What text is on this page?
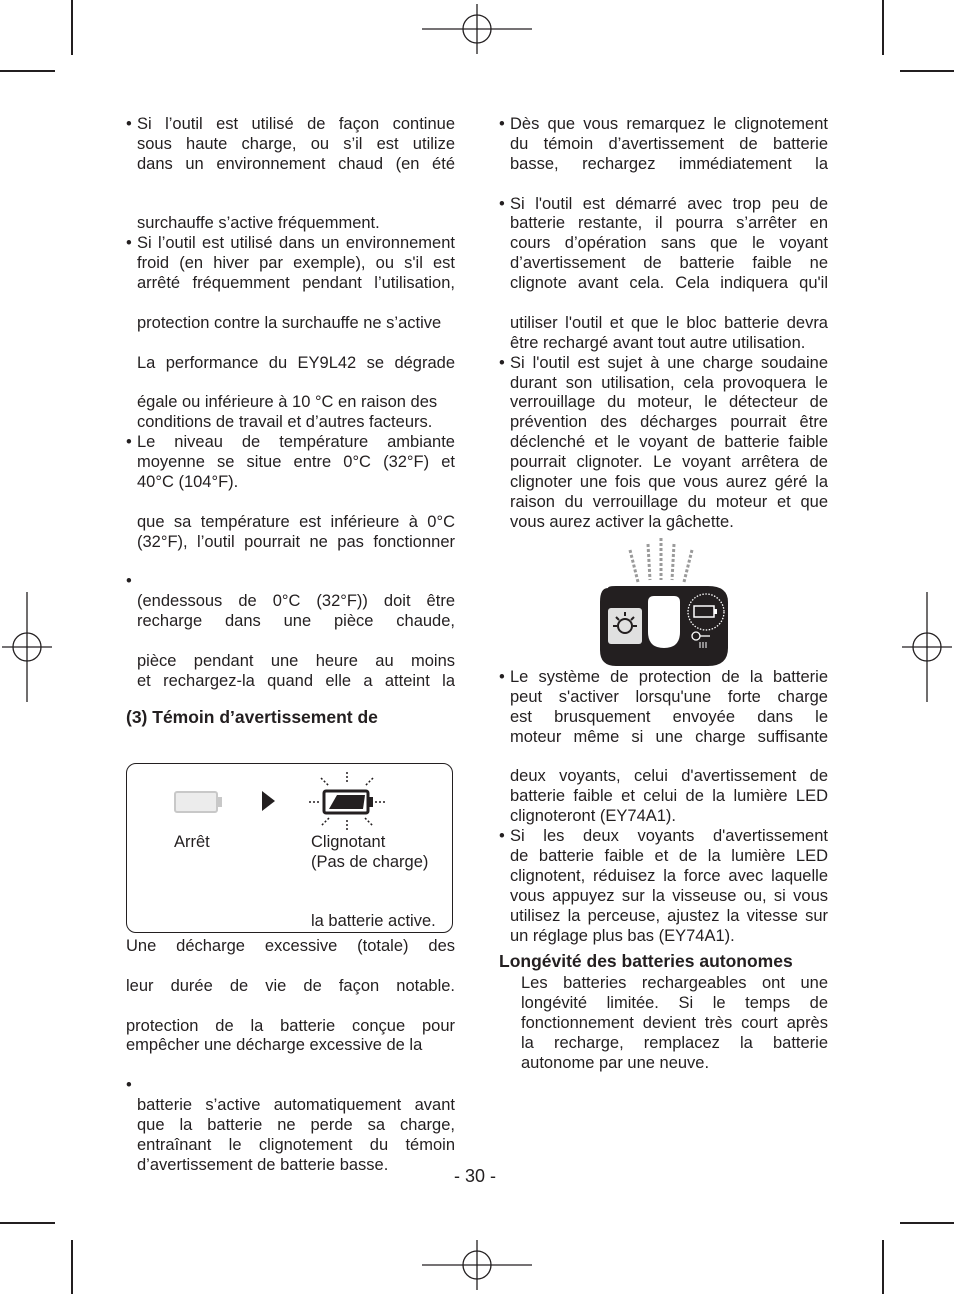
• Si l’outil est utilisé de façon continue
sous haute charge, ou s’il est utilize
dans un environnement chaud (en été
surchauffe s’active fréquemment.
• Si l’outil est utilisé dans un environnement
froid (en hiver par exemple), ou s'il est
arrêté fréquemment pendant l’utilisation,
protection contre la surchauffe ne s’active
La performance du EY9L42 se dégrade
égale ou inférieure à 10 °C en raison des
conditions de travail et d’autres facteurs.
• Le niveau de température ambiante
moyenne se situe entre 0°C (32°F) et
40°C (104°F).
que sa température est inférieure à 0°C
(32°F), l’outil pourrait ne pas fonctionner
•
(endessous de 0°C (32°F)) doit être
recharge dans une pièce chaude,
pièce pendant une heure au moins
et rechargez-la quand elle a atteint la
(3) Témoin d’avertissement de
Arrêt	Clignotant
(Pas de charge)
la batterie active.
Une décharge excessive (totale) des
leur durée de vie de façon notable.
protection de la batterie conçue pour
empêcher une décharge excessive de la
•
batterie s’active automatiquement avant
que la batterie ne perde sa charge,
entraînant le clignotement du témoin
d’avertissement de batterie basse.
• Dès que vous remarquez le clignotement
du témoin d’avertissement de batterie
basse, rechargez immédiatement la
• Si l'outil est démarré avec trop peu de
batterie restante, il pourra s’arrêter en
cours d’opération sans que le voyant
d’avertissement de batterie faible ne
clignote avant cela. Cela indiquera qu'il
utiliser l'outil et que le bloc batterie devra
être rechargé avant tout autre utilisation.
• Si l'outil est sujet à une charge soudaine
durant son utilisation, cela provoquera le
verrouillage du moteur, le détecteur de
prévention des décharges pourrait être
déclenché et le voyant de batterie faible
pourrait clignoter. Le voyant arrêtera de
clignoter une fois que vous aurez géré la
raison du verrouillage du moteur et que
vous aurez activer la gâchette.
• Le système de protection de la batterie
peut s'activer lorsqu'une forte charge
est brusquement envoyée dans le
moteur même si une charge suffisante
deux voyants, celui d'avertissement de
batterie faible et celui de la lumière LED
clignoteront (EY74A1).
• Si les deux voyants d'avertissement
de batterie faible et de la lumière LED
clignotent, réduisez la force avec laquelle
vous appuyez sur la visseuse ou, si vous
utilisez la perceuse, ajustez la vitesse sur
un réglage plus bas (EY74A1).
Longévité des batteries autonomes
Les batteries rechargeables ont une
longévité limitée. Si le temps de
fonctionnement devient très court après
la recharge, remplacez la batterie
autonome par une neuve.
- 30 -
